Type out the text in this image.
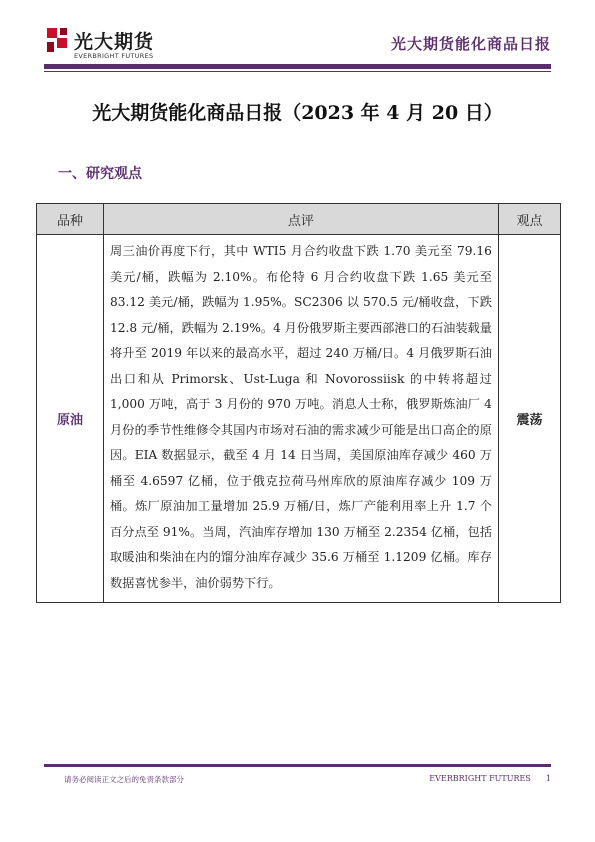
光大期货
EVERBRIGHT FUTURES
光大期货能化商品日报
光大期货能化商品日报（2023 年 4 月 20 日）
一、研究观点
品种	点评	观点
原油	周三油价再度下行，其中 WTI5 月合约收盘下跌 1.70 美元至 79.16 美元/桶，跌幅为 2.10%。布伦特 6 月合约收盘下跌 1.65 美元至 83.12 美元/桶，跌幅为 1.95%。SC2306 以 570.5 元/桶收盘，下跌 12.8 元/桶，跌幅为 2.19%。4 月份俄罗斯主要西部港口的石油装载量将升至 2019 年以来的最高水平，超过 240 万桶/日。4 月俄罗斯石油出口和从 Primorsk、Ust-Luga 和 Novorossiisk 的中转将超过 1,000 万吨，高于 3 月份的 970 万吨。消息人士称，俄罗斯炼油厂 4 月份的季节性维修令其国内市场对石油的需求减少可能是出口高企的原因。EIA 数据显示，截至 4 月 14 日当周，美国原油库存减少 460 万桶至 4.6597 亿桶，位于俄克拉荷马州库欣的原油库存减少 109 万桶。炼厂原油加工量增加 25.9 万桶/日，炼厂产能利用率上升 1.7 个百分点至 91%。当周，汽油库存增加 130 万桶至 2.2354 亿桶，包括取暖油和柴油在内的馏分油库存减少 35.6 万桶至 1.1209 亿桶。库存数据喜忧参半，油价弱势下行。	震荡
请务必阅读正文之后的免责条款部分	EVERBRIGHT FUTURES 1
